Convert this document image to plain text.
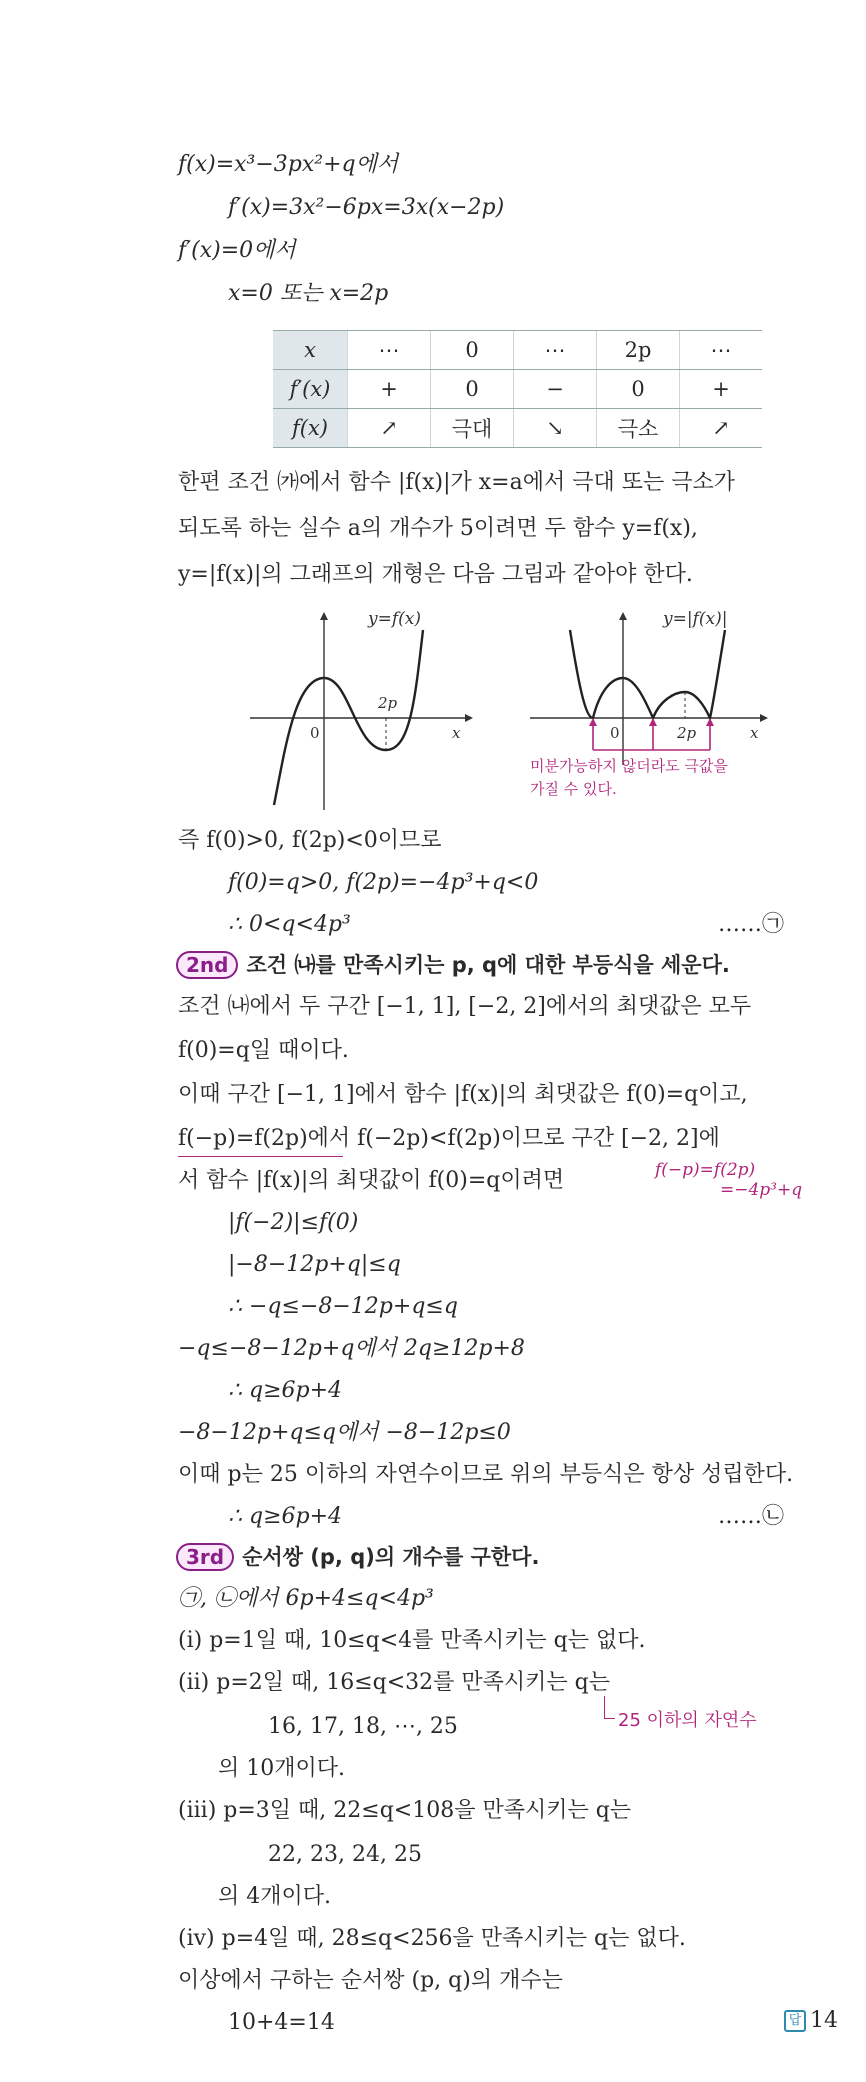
f(x)=x³−3px²+q에서
f′(x)=3x²−6px=3x(x−2p)
f′(x)=0에서
x=0 또는 x=2p
x	⋯	0	⋯	2p	⋯
f′(x)	+	0	−	0	+
f(x)	↗	극대	↘	극소	↗
한편 조건 ㈎에서 함수 |f(x)|가 x=a에서 극대 또는 극소가
되도록 하는 실수 a의 개수가 5이려면 두 함수 y=f(x),
y=|f(x)|의 그래프의 개형은 다음 그림과 같아야 한다.
y=f(x)
0
2p
x
y=|f(x)|
0	2p	x
미분가능하지 않더라도 극값을
가질 수 있다.
즉 f(0)>0, f(2p)<0이므로
f(0)=q>0, f(2p)=−4p³+q<0
∴ 0<q<4p³	……㉠
2nd 조건 ㈏를 만족시키는 p, q에 대한 부등식을 세운다.
조건 ㈏에서 두 구간 [−1, 1], [−2, 2]에서의 최댓값은 모두
f(0)=q일 때이다.
이때 구간 [−1, 1]에서 함수 |f(x)|의 최댓값은 f(0)=q이고,
f(−p)=f(2p)에서 f(−2p)<f(2p)이므로 구간 [−2, 2]에
서 함수 |f(x)|의 최댓값이 f(0)=q이려면	f(−p)=f(2p)
=−4p³+q
|f(−2)|≤f(0)
|−8−12p+q|≤q
∴ −q≤−8−12p+q≤q
−q≤−8−12p+q에서 2q≥12p+8
∴ q≥6p+4
−8−12p+q≤q에서 −8−12p≤0
이때 p는 25 이하의 자연수이므로 위의 부등식은 항상 성립한다.
∴ q≥6p+4	……㉡
3rd 순서쌍 (p, q)의 개수를 구한다.
㉠, ㉡에서 6p+4≤q<4p³
(i) p=1일 때, 10≤q<4를 만족시키는 q는 없다.
(ii) p=2일 때, 16≤q<32를 만족시키는 q는
16, 17, 18, ⋯, 25	25 이하의 자연수
의 10개이다.
(iii) p=3일 때, 22≤q<108을 만족시키는 q는
22, 23, 24, 25
의 4개이다.
(iv) p=4일 때, 28≤q<256을 만족시키는 q는 없다.
이상에서 구하는 순서쌍 (p, q)의 개수는
10+4=14	답 14
